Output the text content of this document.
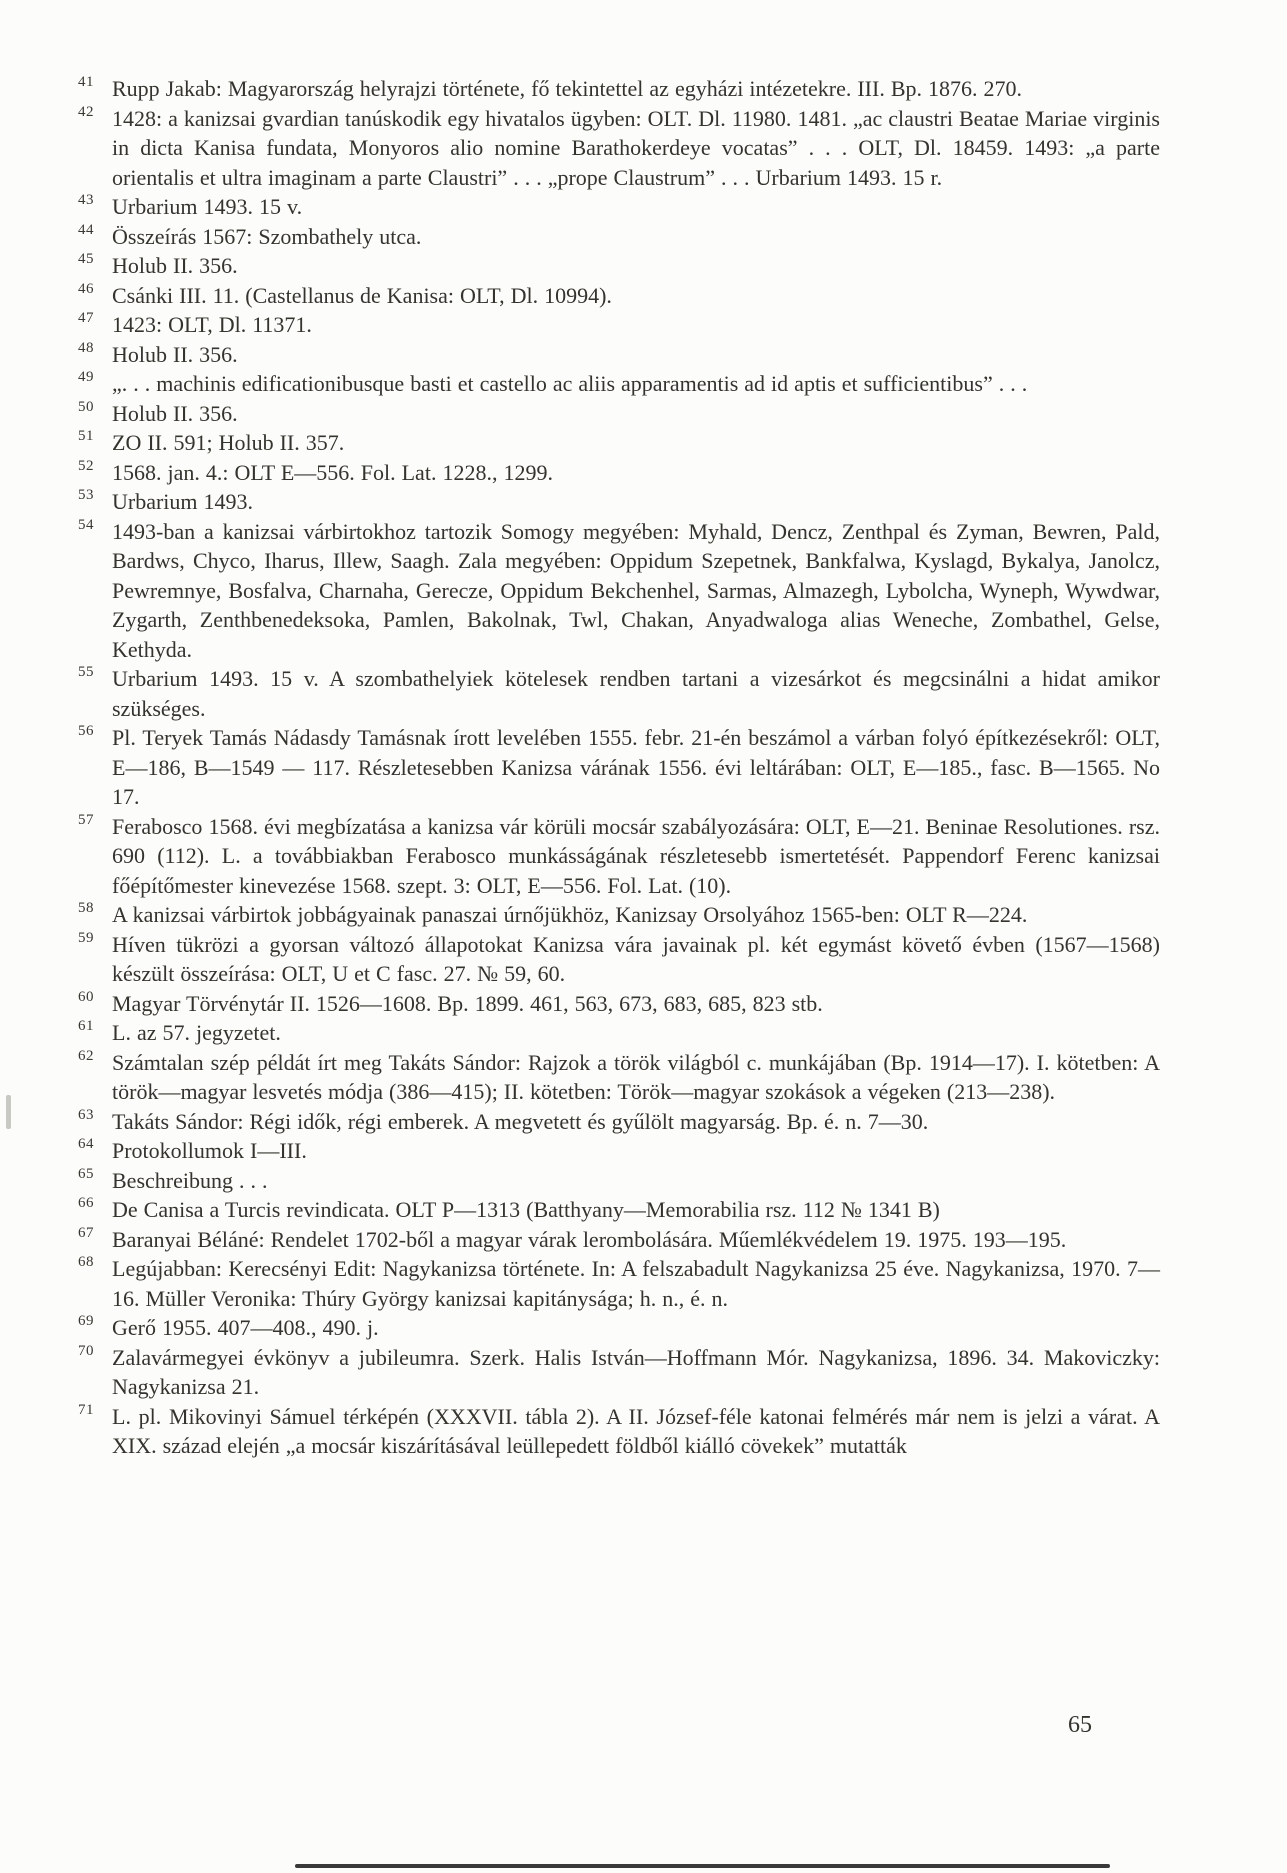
41 Rupp Jakab: Magyarország helyrajzi története, fő tekintettel az egyházi intézetekre. III. Bp. 1876. 270.
42 1428: a kanizsai gvardian tanúskodik egy hivatalos ügyben: OLT. Dl. 11980. 1481. „ac claustri Beatae Mariae virginis in dicta Kanisa fundata, Monyoros alio nomine Barathokerdeye vocatas” . . . OLT, Dl. 18459. 1493: „a parte orientalis et ultra imaginam a parte Claustri” . . . „prope Claustrum” . . . Urbarium 1493. 15 r.
43 Urbarium 1493. 15 v.
44 Összeírás 1567: Szombathely utca.
45 Holub II. 356.
46 Csánki III. 11. (Castellanus de Kanisa: OLT, Dl. 10994).
47 1423: OLT, Dl. 11371.
48 Holub II. 356.
49 „. . . machinis edificationibusque basti et castello ac aliis apparamentis ad id aptis et sufficientibus” . . .
50 Holub II. 356.
51 ZO II. 591; Holub II. 357.
52 1568. jan. 4.: OLT E—556. Fol. Lat. 1228., 1299.
53 Urbarium 1493.
54 1493-ban a kanizsai várbirtokhoz tartozik Somogy megyében: Myhald, Dencz, Zenthpal és Zyman, Bewren, Pald, Bardws, Chyco, Iharus, Illew, Saagh. Zala megyében: Oppidum Szepetnek, Bankfalwa, Kyslagd, Bykalya, Janolcz, Pewremnye, Bosfalva, Charnaha, Gerecze, Oppidum Bekchenhel, Sarmas, Almazegh, Lybolcha, Wyneph, Wywdwar, Zygarth, Zenthbenedeksoka, Pamlen, Bakolnak, Twl, Chakan, Anyadwaloga alias Weneche, Zombathel, Gelse, Kethyda.
55 Urbarium 1493. 15 v. A szombathelyiek kötelesek rendben tartani a vizesárkot és megcsinálni a hidat amikor szükséges.
56 Pl. Teryek Tamás Nádasdy Tamásnak írott levelében 1555. febr. 21-én beszámol a várban folyó építkezésekről: OLT, E—186, B—1549 — 117. Részletesebben Kanizsa várának 1556. évi leltárában: OLT, E—185., fasc. B—1565. No 17.
57 Ferabosco 1568. évi megbízatása a kanizsa vár körüli mocsár szabályozására: OLT, E—21. Beninae Resolutiones. rsz. 690 (112). L. a továbbiakban Ferabosco munkásságának részletesebb ismertetését. Pappendorf Ferenc kanizsai főépítőmester kinevezése 1568. szept. 3: OLT, E—556. Fol. Lat. (10).
58 A kanizsai várbirtok jobbágyainak panaszai úrnőjükhöz, Kanizsay Orsolyához 1565-ben: OLT R—224.
59 Híven tükrözi a gyorsan változó állapotokat Kanizsa vára javainak pl. két egymást követő évben (1567—1568) készült összeírása: OLT, U et C fasc. 27. № 59, 60.
60 Magyar Törvénytár II. 1526—1608. Bp. 1899. 461, 563, 673, 683, 685, 823 stb.
61 L. az 57. jegyzetet.
62 Számtalan szép példát írt meg Takáts Sándor: Rajzok a török világból c. munkájában (Bp. 1914—17). I. kötetben: A török—magyar lesvetés módja (386—415); II. kötetben: Török—magyar szokások a végeken (213—238).
63 Takáts Sándor: Régi idők, régi emberek. A megvetett és gyűlölt magyarság. Bp. é. n. 7—30.
64 Protokollumok I—III.
65 Beschreibung . . .
66 De Canisa a Turcis revindicata. OLT P—1313 (Batthyany—Memorabilia rsz. 112 № 1341 B)
67 Baranyai Béláné: Rendelet 1702-ből a magyar várak lerombolására. Műemlékvédelem 19. 1975. 193—195.
68 Legújabban: Kerecsényi Edit: Nagykanizsa története. In: A felszabadult Nagykanizsa 25 éve. Nagykanizsa, 1970. 7—16. Müller Veronika: Thúry György kanizsai kapitánysága; h. n., é. n.
69 Gerő 1955. 407—408., 490. j.
70 Zalavármegyei évkönyv a jubileumra. Szerk. Halis István—Hoffmann Mór. Nagykanizsa, 1896. 34. Makoviczky: Nagykanizsa 21.
71 L. pl. Mikovinyi Sámuel térképén (XXXVII. tábla 2). A II. József-féle katonai felmérés már nem is jelzi a várat. A XIX. század elején „a mocsár kiszárításával leüllepedett földből kiálló cövekek” mutatták
65
